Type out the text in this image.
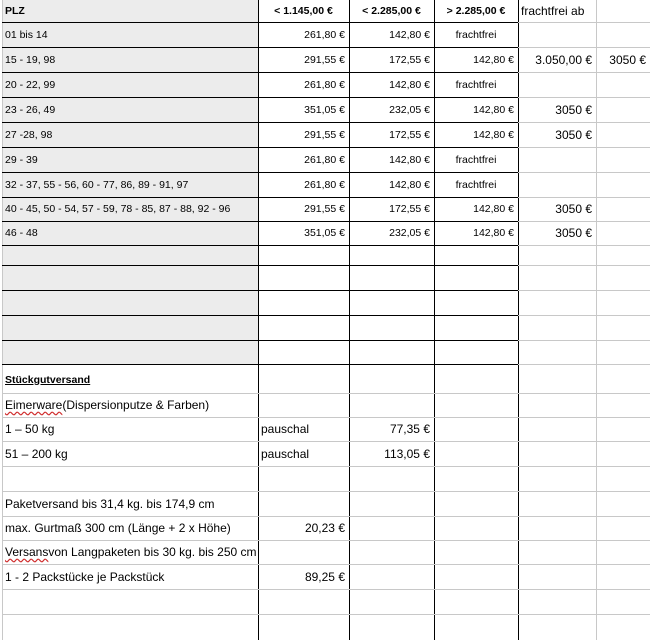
PLZ	< 1.145,00 €	< 2.285,00 €	> 2.285,00 €	frachtfrei ab
01 bis 14	261,80 €	142,80 €	frachtfrei
15 - 19, 98	291,55 €	172,55 €	142,80 €	3.050,00 €	3050 €
20 - 22, 99	261,80 €	142,80 €	frachtfrei
23 - 26, 49	351,05 €	232,05 €	142,80 €	3050 €
27 -28, 98	291,55 €	172,55 €	142,80 €	3050 €
29 - 39	261,80 €	142,80 €	frachtfrei
32 - 37, 55 - 56, 60 - 77, 86, 89 - 91, 97	261,80 €	142,80 €	frachtfrei
40 - 45, 50 - 54, 57 - 59, 78 - 85, 87 - 88, 92 - 96	291,55 €	172,55 €	142,80 €	3050 €
46 - 48	351,05 €	232,05 €	142,80 €	3050 €
Stückgutversand
Eimerware (Dispersionputze & Farben)
1 – 50 kg	pauschal	77,35 €
51 – 200 kg	pauschal	113,05 €
Paketversand bis 31,4 kg. bis 174,9 cm
max. Gurtmaß 300 cm (Länge + 2 x Höhe)	20,23 €
Versans von Langpaketen bis 30 kg. bis 250 cm
1 - 2 Packstücke je Packstück	89,25 €
